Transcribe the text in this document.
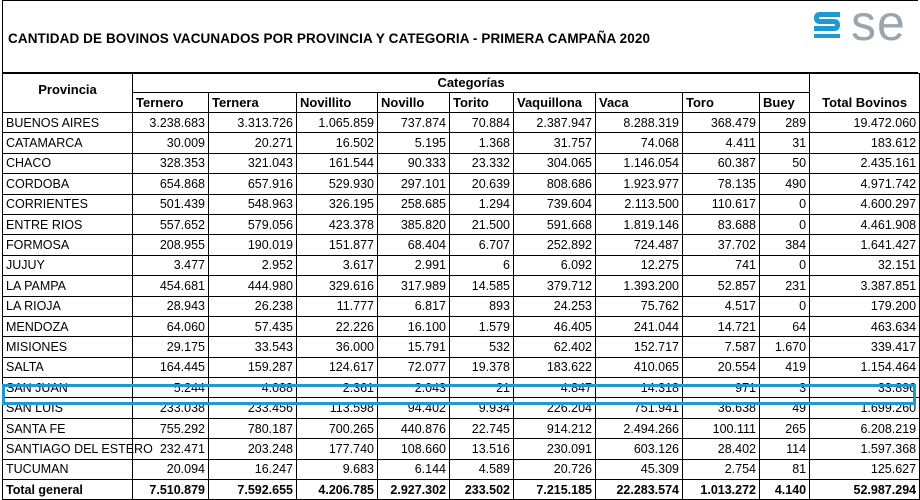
CANTIDAD DE BOVINOS VACUNADOS POR PROVINCIA Y CATEGORIA - PRIMERA CAMPAÑA 2020	se
Provincia	Categorías									Total Bovinos
	Ternero	Ternera	Novillito	Novillo	Torito	Vaquillona	Vaca	Toro	Buey	
BUENOS AIRES	3.238.683	3.313.726	1.065.859	737.874	70.884	2.387.947	8.288.319	368.479	289	19.472.060
CATAMARCA	30.009	20.271	16.502	5.195	1.368	31.757	74.068	4.411	31	183.612
CHACO	328.353	321.043	161.544	90.333	23.332	304.065	1.146.054	60.387	50	2.435.161
CORDOBA	654.868	657.916	529.930	297.101	20.639	808.686	1.923.977	78.135	490	4.971.742
CORRIENTES	501.439	548.963	326.195	258.685	1.294	739.604	2.113.500	110.617	0	4.600.297
ENTRE RIOS	557.652	579.056	423.378	385.820	21.500	591.668	1.819.146	83.688	0	4.461.908
FORMOSA	208.955	190.019	151.877	68.404	6.707	252.892	724.487	37.702	384	1.641.427
JUJUY	3.477	2.952	3.617	2.991	6	6.092	12.275	741	0	32.151
LA PAMPA	454.681	444.980	329.616	317.989	14.585	379.712	1.393.200	52.857	231	3.387.851
LA RIOJA	28.943	26.238	11.777	6.817	893	24.253	75.762	4.517	0	179.200
MENDOZA	64.060	57.435	22.226	16.100	1.579	46.405	241.044	14.721	64	463.634
MISIONES	29.175	33.543	36.000	15.791	532	62.402	152.717	7.587	1.670	339.417
SALTA	164.445	159.287	124.617	72.077	19.378	183.622	410.065	20.554	419	1.154.464
SAN JUAN	5.244	4.088	2.361	2.043	21	4.847	14.318	971	3	33.896
SAN LUIS	233.038	233.456	113.598	94.402	9.934	226.204	751.941	36.638	49	1.699.260
SANTA FE	755.292	780.187	700.265	440.876	22.745	914.212	2.494.266	100.111	265	6.208.219
SANTIAGO DEL ESTERO	232.471	203.248	177.740	108.660	13.516	230.091	603.126	28.402	114	1.597.368
TUCUMAN	20.094	16.247	9.683	6.144	4.589	20.726	45.309	2.754	81	125.627
Total general	7.510.879	7.592.655	4.206.785	2.927.302	233.502	7.215.185	22.283.574	1.013.272	4.140	52.987.294
